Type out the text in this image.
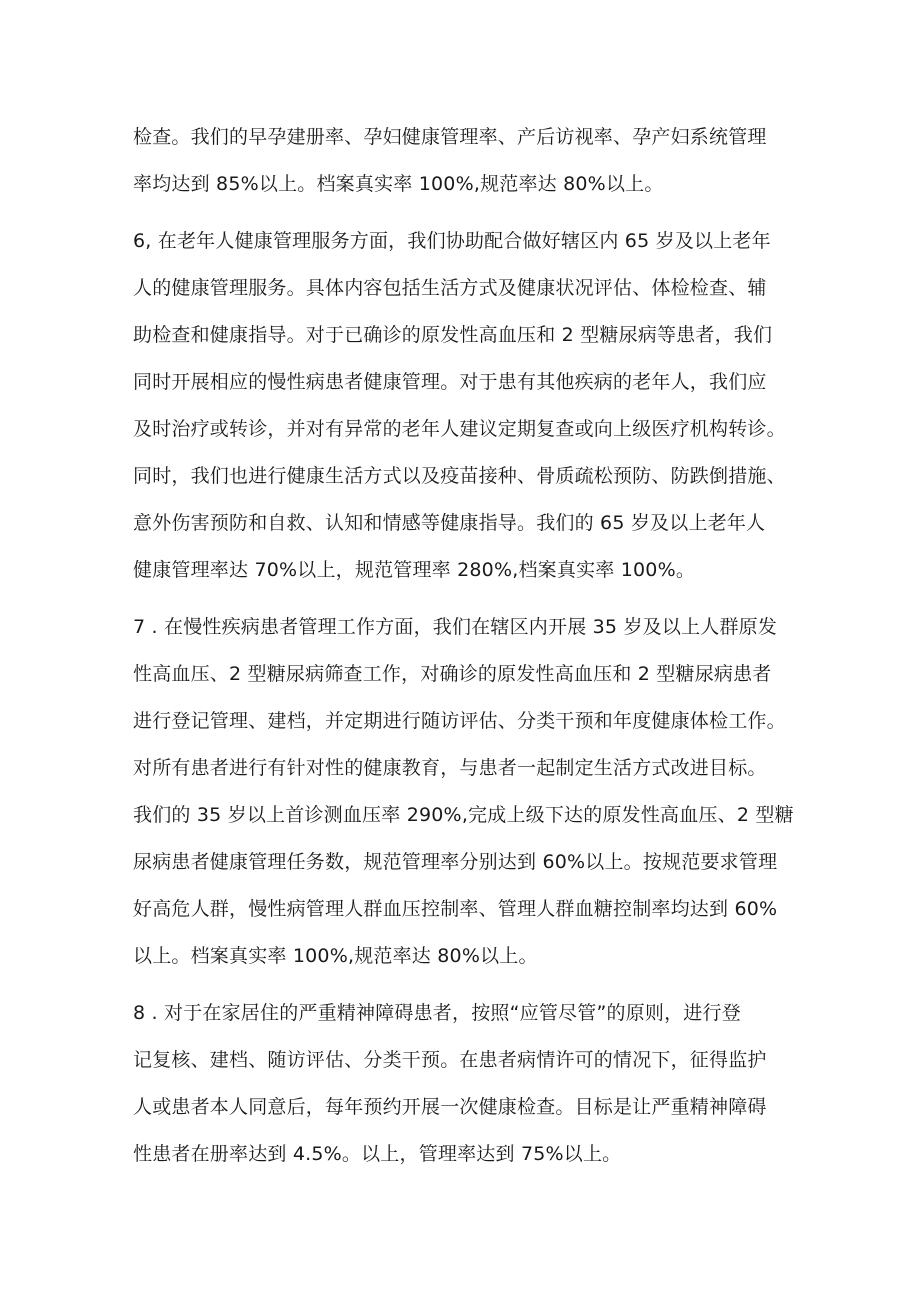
检查。我们的早孕建册率、孕妇健康管理率、产后访视率、孕产妇系统管理
率均达到 85%以上。档案真实率 100%,规范率达 80%以上。
6, 在老年人健康管理服务方面，我们协助配合做好辖区内 65 岁及以上老年
人的健康管理服务。具体内容包括生活方式及健康状况评估、体检检查、辅
助检查和健康指导。对于已确诊的原发性高血压和 2 型糖尿病等患者，我们
同时开展相应的慢性病患者健康管理。对于患有其他疾病的老年人，我们应
及时治疗或转诊，并对有异常的老年人建议定期复查或向上级医疗机构转诊。
同时，我们也进行健康生活方式以及疫苗接种、骨质疏松预防、防跌倒措施、
意外伤害预防和自救、认知和情感等健康指导。我们的 65 岁及以上老年人
健康管理率达 70%以上，规范管理率 280%,档案真实率 100%。
7 . 在慢性疾病患者管理工作方面，我们在辖区内开展 35 岁及以上人群原发
性高血压、2 型糖尿病筛查工作，对确诊的原发性高血压和 2 型糖尿病患者
进行登记管理、建档，并定期进行随访评估、分类干预和年度健康体检工作。
对所有患者进行有针对性的健康教育，与患者一起制定生活方式改进目标。
我们的 35 岁以上首诊测血压率 290%,完成上级下达的原发性高血压、2 型糖
尿病患者健康管理任务数，规范管理率分别达到 60%以上。按规范要求管理
好高危人群，慢性病管理人群血压控制率、管理人群血糖控制率均达到 60%
以上。档案真实率 100%,规范率达 80%以上。
8 . 对于在家居住的严重精神障碍患者，按照“应管尽管”的原则，进行登
记复核、建档、随访评估、分类干预。在患者病情许可的情况下，征得监护
人或患者本人同意后，每年预约开展一次健康检查。目标是让严重精神障碍
性患者在册率达到 4.5%。以上，管理率达到 75%以上。
